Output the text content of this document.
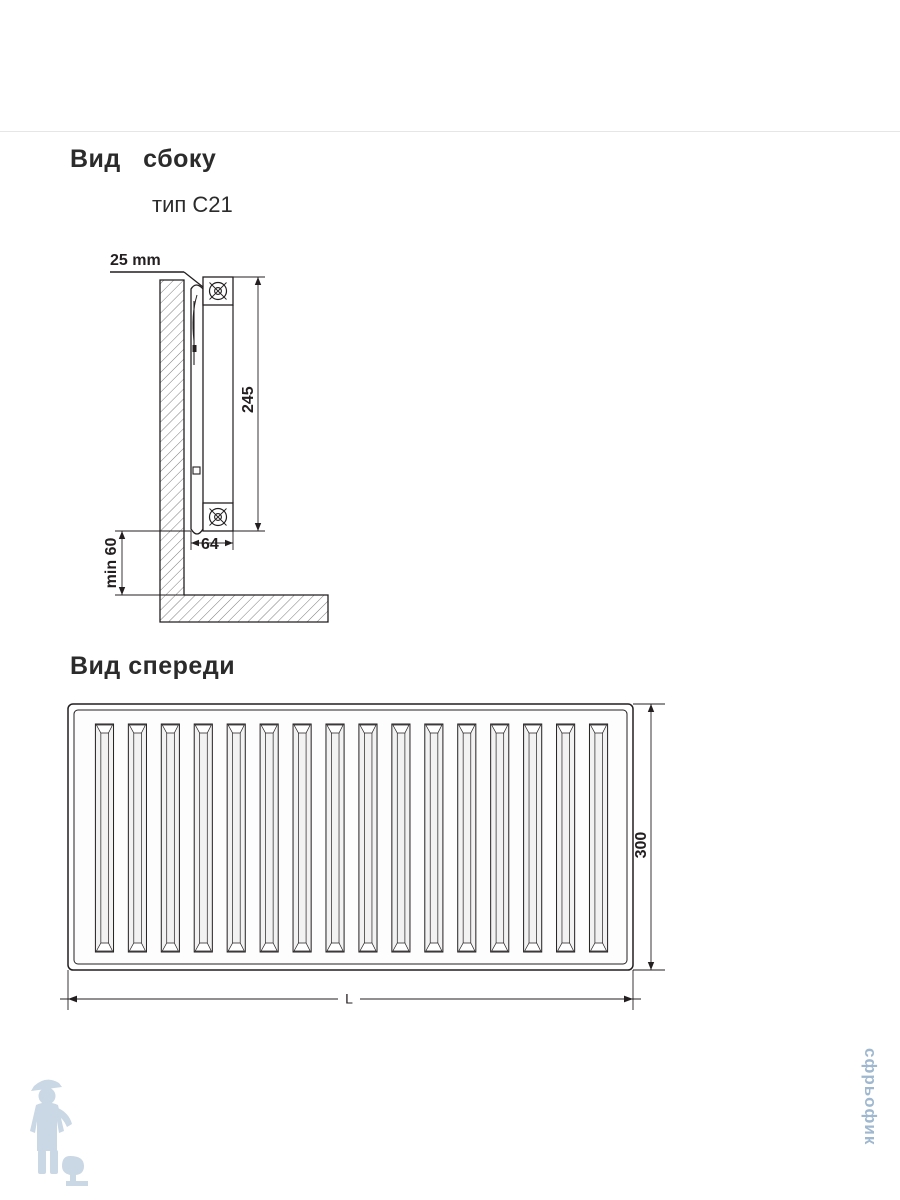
Вид   сбоку
тип C21
Вид спереди
25 mm
245
64
min 60
300
L
сфрьофик
